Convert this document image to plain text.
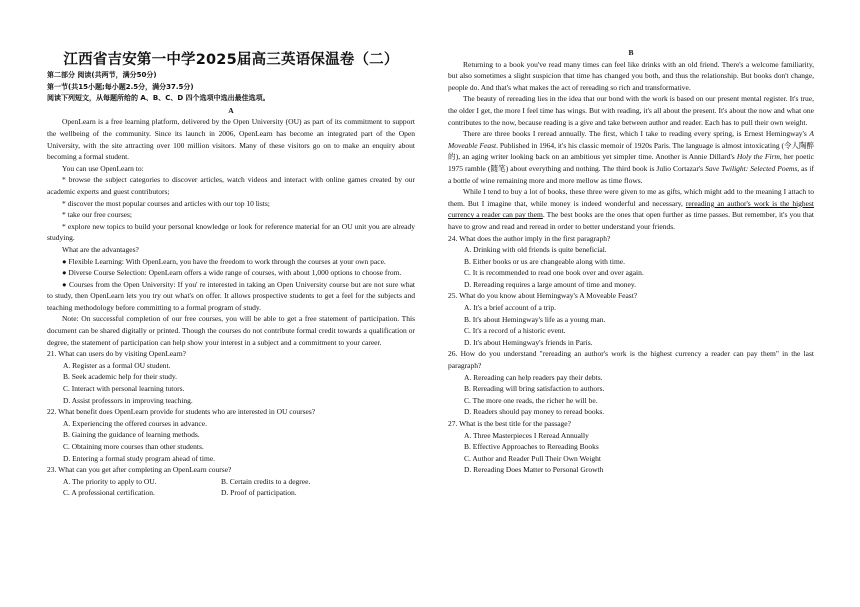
江西省吉安第一中学2025届高三英语保温卷（二）
第二部分 阅读(共两节，满分50分)
第一节(共15小题;每小题2.5分，满分37.5分)
阅读下列短文，从每题所给的 A、B、C、D 四个选项中选出最佳选项。
A

OpenLearn is a free learning platform, delivered by the Open University (OU) as part of its commitment to support the wellbeing of the community. Since its launch in 2006, OpenLearn has become an integrated part of the Open University, with the site attracting over 100 million visitors. Many of these visitors go on to make an enquiry about becoming a formal student.

You can use OpenLearn to:

* browse the subject categories to discover articles, watch videos and interact with online games created by our academic experts and guest contributors;

* discover the most popular courses and articles with our top 10 lists;

* take our free courses;

* explore new topics to build your personal knowledge or look for reference material for an OU unit you are already studying.

What are the advantages?

● Flexible Learning: With OpenLearn, you have the freedom to work through the courses at your own pace.

● Diverse Course Selection: OpenLearn offers a wide range of courses, with about 1,000 options to choose from.

● Courses from the Open University: If you' re interested in taking an Open University course but are not sure what to study, then OpenLearn lets you try out what's on offer. It allows prospective students to get a feel for the subjects and teaching methodology before committing to a formal program of study.

Note: On successful completion of our free courses, you will be able to get a free statement of participation. This document can be shared digitally or printed. Though the courses do not contribute formal credit towards a qualification or degree, the statement of participation can help show your interest in a subject and a commitment to your career.

21. What can users do by visiting OpenLearn?

A. Register as a formal OU student.
B. Seek academic help for their study.
C. Interact with personal learning tutors.
D. Assist professors in improving teaching.

22. What benefit does OpenLearn provide for students who are interested in OU courses?

A. Experiencing the offered courses in advance.
B. Gaining the guidance of learning methods.
C. Obtaining more courses than other students.
D. Entering a formal study program ahead of time.

23. What can you get after completing an OpenLearn course?

A. The priority to apply to OU.	B. Certain credits to a degree.
C. A professional certification.	D. Proof of participation.
B

Returning to a book you've read many times can feel like drinks with an old friend. There's a welcome familiarity, but also sometimes a slight suspicion that time has changed you both, and thus the relationship. But books don't change, people do. And that's what makes the act of rereading so rich and transformative.

The beauty of rereading lies in the idea that our bond with the work is based on our present mental register. It's true, the older I get, the more I feel time has wings. But with reading, it's all about the present. It's about the now and what one contributes to the now, because reading is a give and take between author and reader. Each has to pull their own weight.

There are three books I reread annually. The first, which I take to reading every spring, is Ernest Hemingway's A Moveable Feast. Published in 1964, it's his classic memoir of 1920s Paris. The language is almost intoxicating (令人陶醉的), an aging writer looking back on an ambitious yet simpler time. Another is Annie Dillard's Holy the Firm, her poetic 1975 ramble (随笔) about everything and nothing. The third book is Julio Cortazar's Save Twilight: Selected Poems, as if a bottle of wine remaining more and more mellow as time flows.

While I tend to buy a lot of books, these three were given to me as gifts, which might add to the meaning I attach to them. But I imagine that, while money is indeed wonderful and necessary, rereading an author's work is the highest currency a reader can pay them. The best books are the ones that open further as time passes. But remember, it's you that have to grow and read and reread in order to better understand your friends.

24. What does the author imply in the first paragraph?

A. Drinking with old friends is quite beneficial.
B. Either books or us are changeable along with time.
C. It is recommended to read one book over and over again.
D. Rereading requires a large amount of time and money.

25. What do you know about Hemingway's A Moveable Feast?

A. It's a brief account of a trip.
B. It's about Hemingway's life as a young man.
C. It's a record of a historic event.
D. It's about Hemingway's friends in Paris.

26. How do you understand "rereading an author's work is the highest currency a reader can pay them" in the last paragraph?

A. Rereading can help readers pay their debts.
B. Rereading will bring satisfaction to authors.
C. The more one reads, the richer he will be.
D. Readers should pay money to reread books.

27. What is the best title for the passage?

A. Three Masterpieces I Reread Annually
B. Effective Approaches to Rereading Books
C. Author and Reader Pull Their Own Weight
D. Rereading Does Matter to Personal Growth
